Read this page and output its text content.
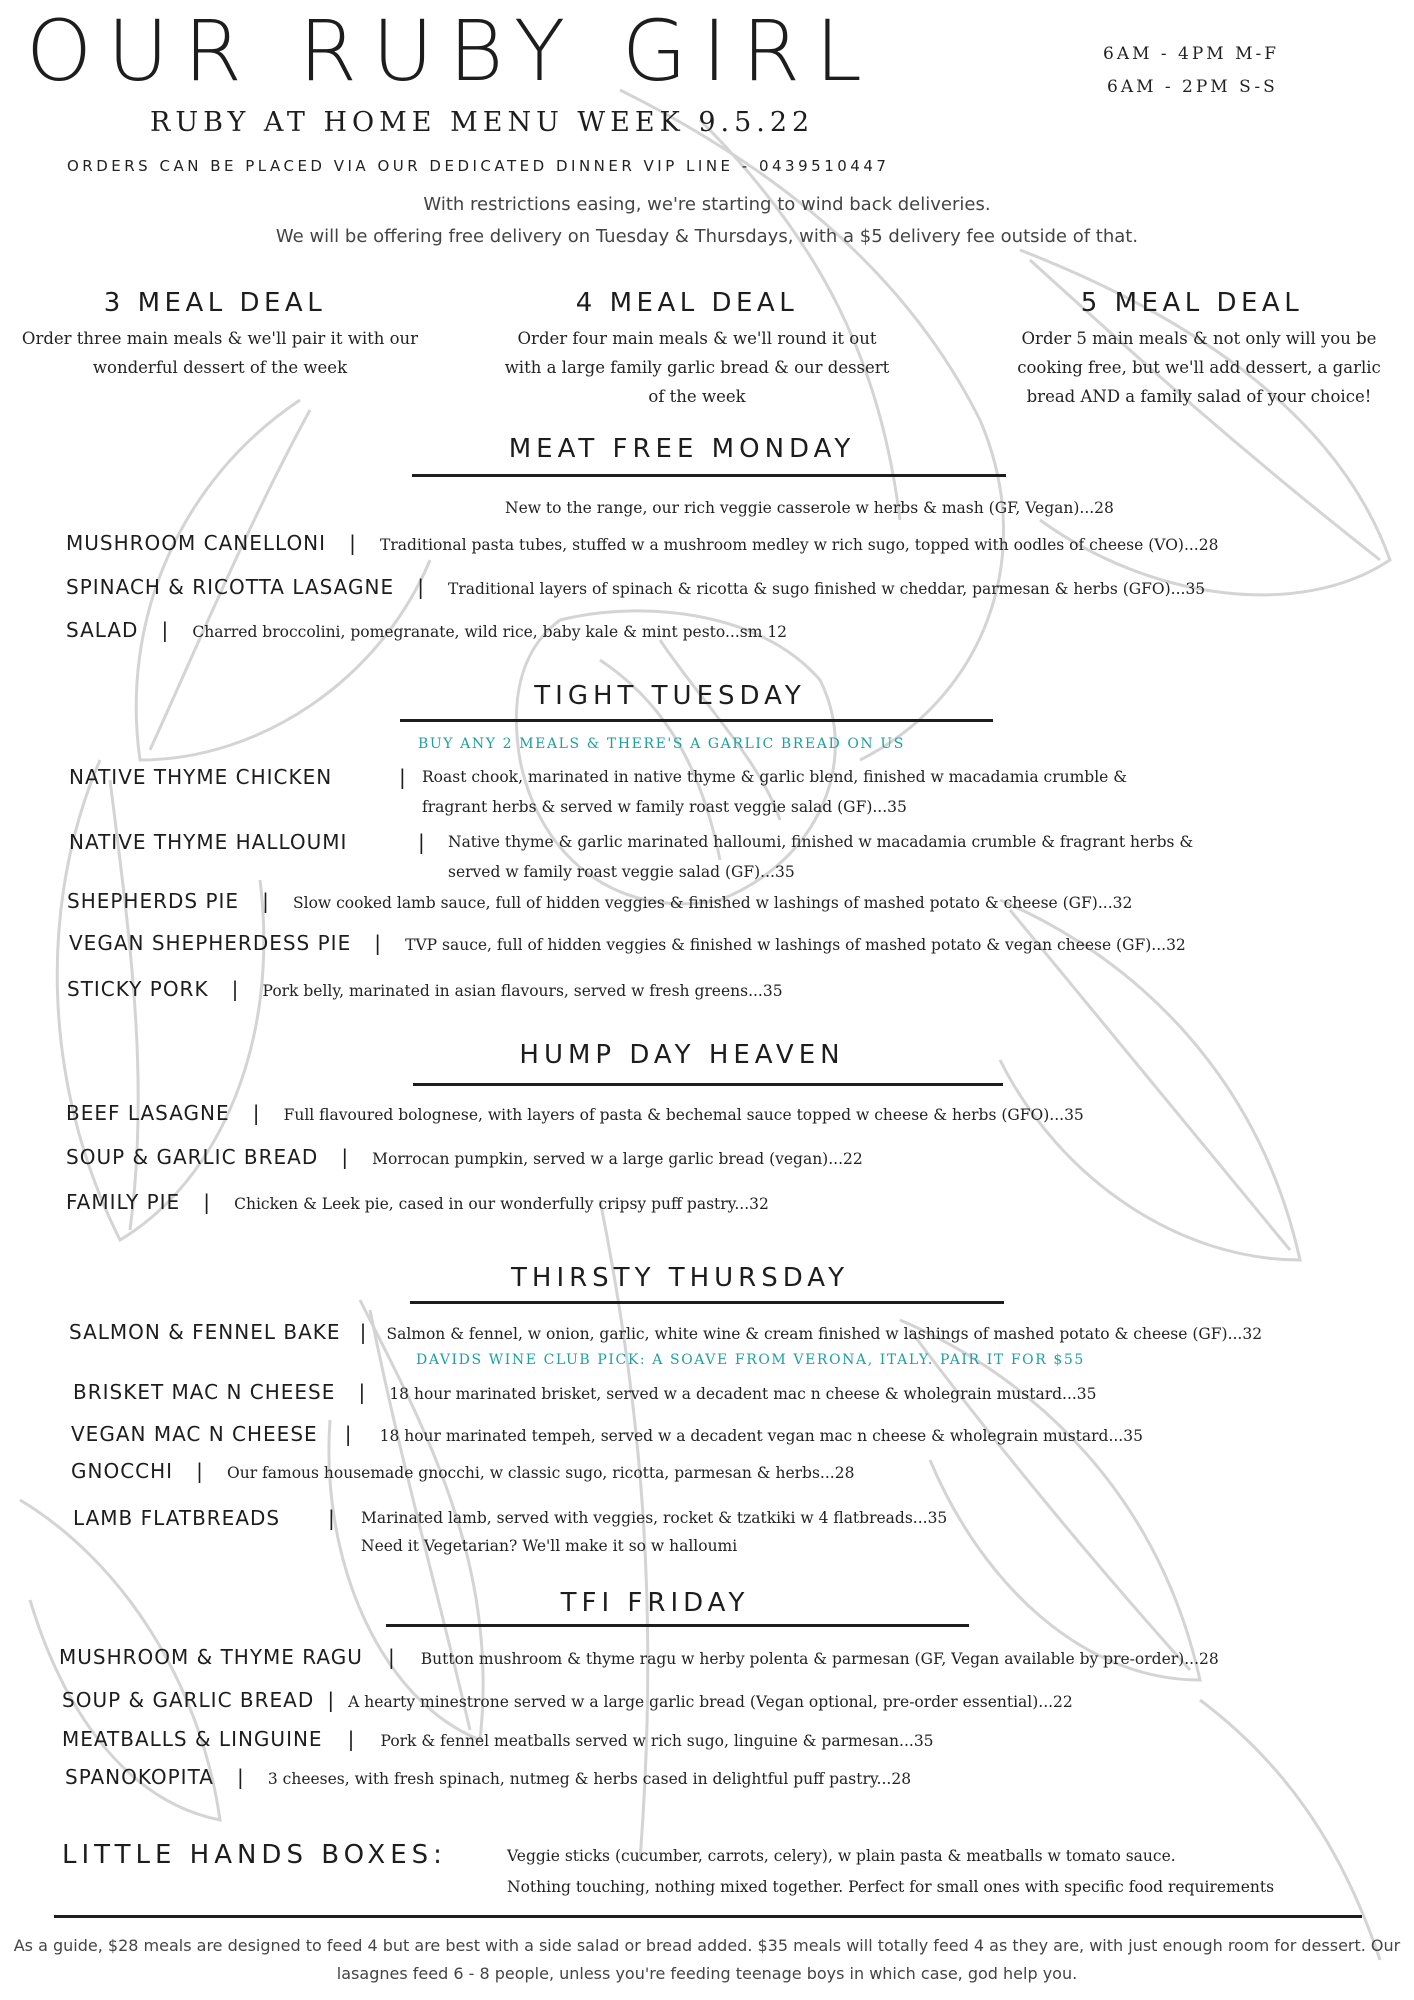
OUR RUBY GIRL	6AM - 4PM M-F
6AM - 2PM S-S
RUBY AT HOME MENU WEEK 9.5.22
ORDERS CAN BE PLACED VIA OUR DEDICATED DINNER VIP LINE - 0439510447
With restrictions easing, we're starting to wind back deliveries.
We will be offering free delivery on Tuesday & Thursdays, with a $5 delivery fee outside of that.
3 MEAL DEAL
Order three main meals & we'll pair it with our wonderful dessert of the week
4 MEAL DEAL
Order four main meals & we'll round it out with a large family garlic bread & our dessert of the week
5 MEAL DEAL
Order 5 main meals & not only will you be cooking free, but we'll add dessert, a garlic bread AND a family salad of your choice!
MEAT FREE MONDAY
New to the range, our rich veggie casserole w herbs & mash (GF, Vegan)...28
MUSHROOM CANELLONI | Traditional pasta tubes, stuffed w a mushroom medley w rich sugo, topped with oodles of cheese (VO)...28
SPINACH & RICOTTA LASAGNE | Traditional layers of spinach & ricotta & sugo finished w cheddar, parmesan & herbs (GFO)...35
SALAD | Charred broccolini, pomegranate, wild rice, baby kale & mint pesto...sm 12
TIGHT TUESDAY
BUY ANY 2 MEALS & THERE'S A GARLIC BREAD ON US
NATIVE THYME CHICKEN	| Roast chook, marinated in native thyme & garlic blend, finished w macadamia crumble &
fragrant herbs & served w family roast veggie salad (GF)...35
NATIVE THYME HALLOUMI	| Native thyme & garlic marinated halloumi, finished w macadamia crumble & fragrant herbs &
served w family roast veggie salad (GF)...35
SHEPHERDS PIE | Slow cooked lamb sauce, full of hidden veggies & finished w lashings of mashed potato & cheese (GF)...32
VEGAN SHEPHERDESS PIE | TVP sauce, full of hidden veggies & finished w lashings of mashed potato & vegan cheese (GF)...32
STICKY PORK | Pork belly, marinated in asian flavours, served w fresh greens...35
HUMP DAY HEAVEN
BEEF LASAGNE | Full flavoured bolognese, with layers of pasta & bechemal sauce topped w cheese & herbs (GFO)...35
SOUP & GARLIC BREAD | Morrocan pumpkin, served w a large garlic bread (vegan)...22
FAMILY PIE | Chicken & Leek pie, cased in our wonderfully cripsy puff pastry...32
THIRSTY THURSDAY
SALMON & FENNEL BAKE | Salmon & fennel, w onion, garlic, white wine & cream finished w lashings of mashed potato & cheese (GF)...32
DAVIDS WINE CLUB PICK: A SOAVE FROM VERONA, ITALY. PAIR IT FOR $55
BRISKET MAC N CHEESE | 18 hour marinated brisket, served w a decadent mac n cheese & wholegrain mustard...35
VEGAN MAC N CHEESE | 18 hour marinated tempeh, served w a decadent vegan mac n cheese & wholegrain mustard...35
GNOCCHI | Our famous housemade gnocchi, w classic sugo, ricotta, parmesan & herbs...28
LAMB FLATBREADS | Marinated lamb, served with veggies, rocket & tzatkiki w 4 flatbreads...35
Need it Vegetarian? We'll make it so w halloumi
TFI FRIDAY
MUSHROOM & THYME RAGU | Button mushroom & thyme ragu w herby polenta & parmesan (GF, Vegan available by pre-order)...28
SOUP & GARLIC BREAD | A hearty minestrone served w a large garlic bread (Vegan optional, pre-order essential)...22
MEATBALLS & LINGUINE | Pork & fennel meatballs served w rich sugo, linguine & parmesan...35
SPANOKOPITA | 3 cheeses, with fresh spinach, nutmeg & herbs cased in delightful puff pastry...28
LITTLE HANDS BOXES:	Veggie sticks (cucumber, carrots, celery), w plain pasta & meatballs w tomato sauce.
Nothing touching, nothing mixed together. Perfect for small ones with specific food requirements
As a guide, $28 meals are designed to feed 4 but are best with a side salad or bread added. $35 meals will totally feed 4 as they are, with just enough room for dessert. Our lasagnes feed 6 - 8 people, unless you're feeding teenage boys in which case, god help you.
